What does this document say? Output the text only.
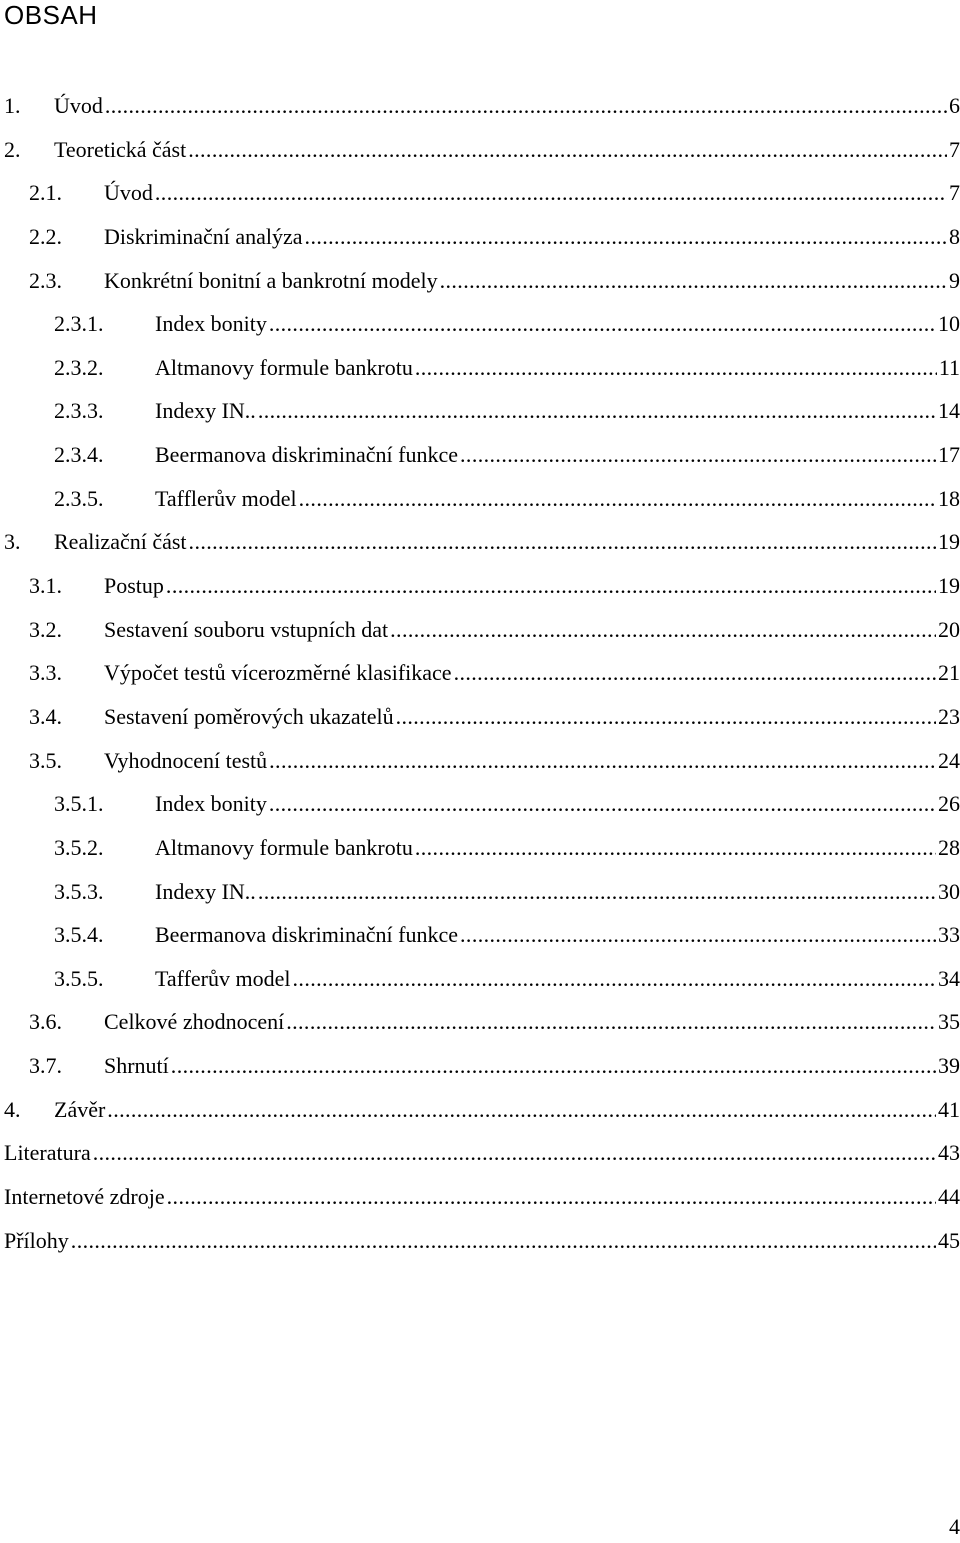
OBSAH
1. Úvod .....	6
2. Teoretická část .....	7
2.1. Úvod .....	7
2.2. Diskriminační analýza .....	8
2.3. Konkrétní bonitní a bankrotní modely .....	9
2.3.1. Index bonity .....	10
2.3.2. Altmanovy formule bankrotu .....	11
2.3.3. Indexy IN.. .....	14
2.3.4. Beermanova diskriminační funkce .....	17
2.3.5. Tafflerův model .....	18
3. Realizační část .....	19
3.1. Postup .....	19
3.2. Sestavení souboru vstupních dat .....	20
3.3. Výpočet testů vícerozměrné klasifikace .....	21
3.4. Sestavení poměrových ukazatelů .....	23
3.5. Vyhodnocení testů .....	24
3.5.1. Index bonity .....	26
3.5.2. Altmanovy formule bankrotu .....	28
3.5.3. Indexy IN.. .....	30
3.5.4. Beermanova diskriminační funkce .....	33
3.5.5. Tafferův model .....	34
3.6. Celkové zhodnocení .....	35
3.7. Shrnutí .....	39
4. Závěr .....	41
Literatura .....	43
Internetové zdroje .....	44
Přílohy .....	45
4
